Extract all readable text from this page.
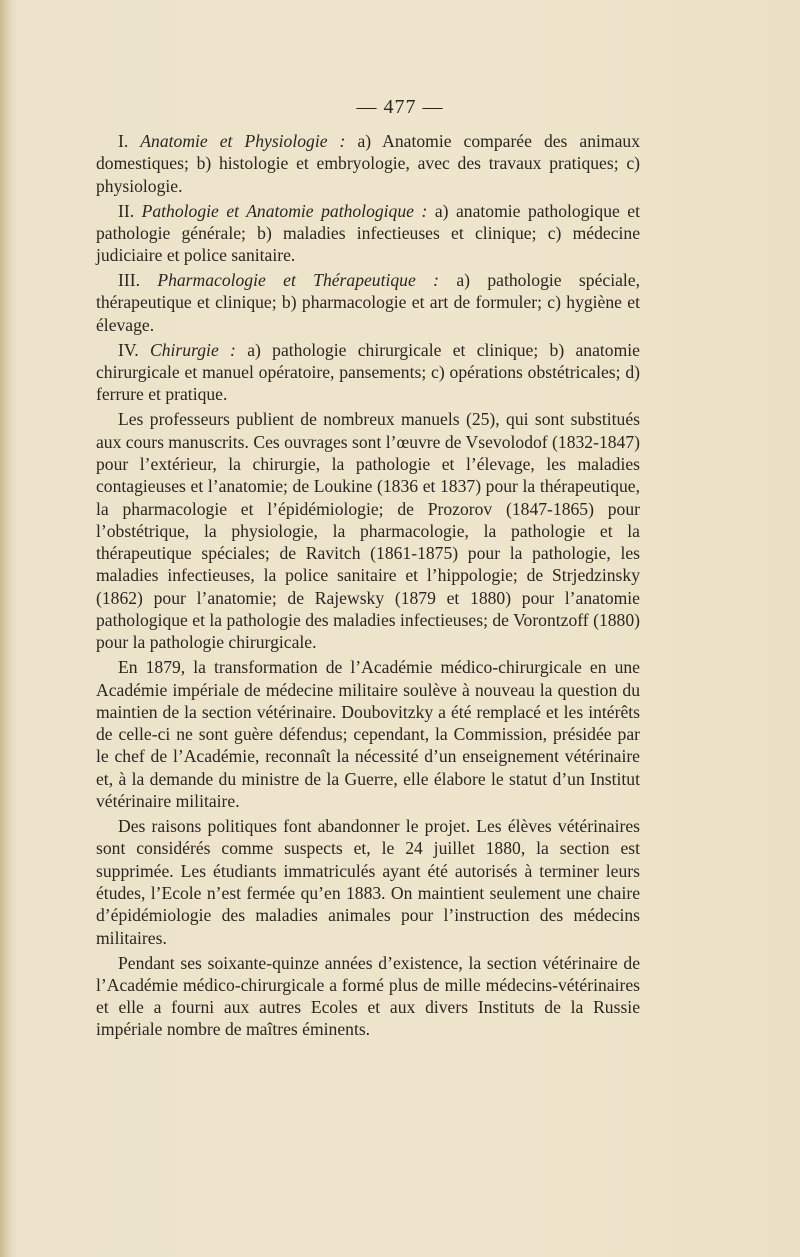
— 477 —

I. Anatomie et Physiologie : a) Anatomie comparée des animaux domestiques; b) histologie et embryologie, avec des travaux pratiques; c) physiologie.

II. Pathologie et Anatomie pathologique : a) anatomie pathologique et pathologie générale; b) maladies infectieuses et clinique; c) médecine judiciaire et police sanitaire.

III. Pharmacologie et Thérapeutique : a) pathologie spéciale, thérapeutique et clinique; b) pharmacologie et art de formuler; c) hygiène et élevage.

IV. Chirurgie : a) pathologie chirurgicale et clinique; b) anatomie chirurgicale et manuel opératoire, pansements; c) opérations obstétricales; d) ferrure et pratique.

Les professeurs publient de nombreux manuels (25), qui sont substitués aux cours manuscrits. Ces ouvrages sont l’œuvre de Vsevolodof (1832-1847) pour l’extérieur, la chirurgie, la pathologie et l’élevage, les maladies contagieuses et l’anatomie; de Loukine (1836 et 1837) pour la thérapeutique, la pharmacologie et l’épidémiologie; de Prozorov (1847-1865) pour l’obstétrique, la physiologie, la pharmacologie, la pathologie et la thérapeutique spéciales; de Ravitch (1861-1875) pour la pathologie, les maladies infectieuses, la police sanitaire et l’hippologie; de Strjedzinsky (1862) pour l’anatomie; de Rajewsky (1879 et 1880) pour l’anatomie pathologique et la pathologie des maladies infectieuses; de Vorontzoff (1880) pour la pathologie chirurgicale.

En 1879, la transformation de l’Académie médico-chirurgicale en une Académie impériale de médecine militaire soulève à nouveau la question du maintien de la section vétérinaire. Doubovitzky a été remplacé et les intérêts de celle-ci ne sont guère défendus; cependant, la Commission, présidée par le chef de l’Académie, reconnaît la nécessité d’un enseignement vétérinaire et, à la demande du ministre de la Guerre, elle élabore le statut d’un Institut vétérinaire militaire.

Des raisons politiques font abandonner le projet. Les élèves vétérinaires sont considérés comme suspects et, le 24 juillet 1880, la section est supprimée. Les étudiants immatriculés ayant été autorisés à terminer leurs études, l’Ecole n’est fermée qu’en 1883. On maintient seulement une chaire d’épidémiologie des maladies animales pour l’instruction des médecins militaires.

Pendant ses soixante-quinze années d’existence, la section vétérinaire de l’Académie médico-chirurgicale a formé plus de mille médecins-vétérinaires et elle a fourni aux autres Ecoles et aux divers Instituts de la Russie impériale nombre de maîtres éminents.
